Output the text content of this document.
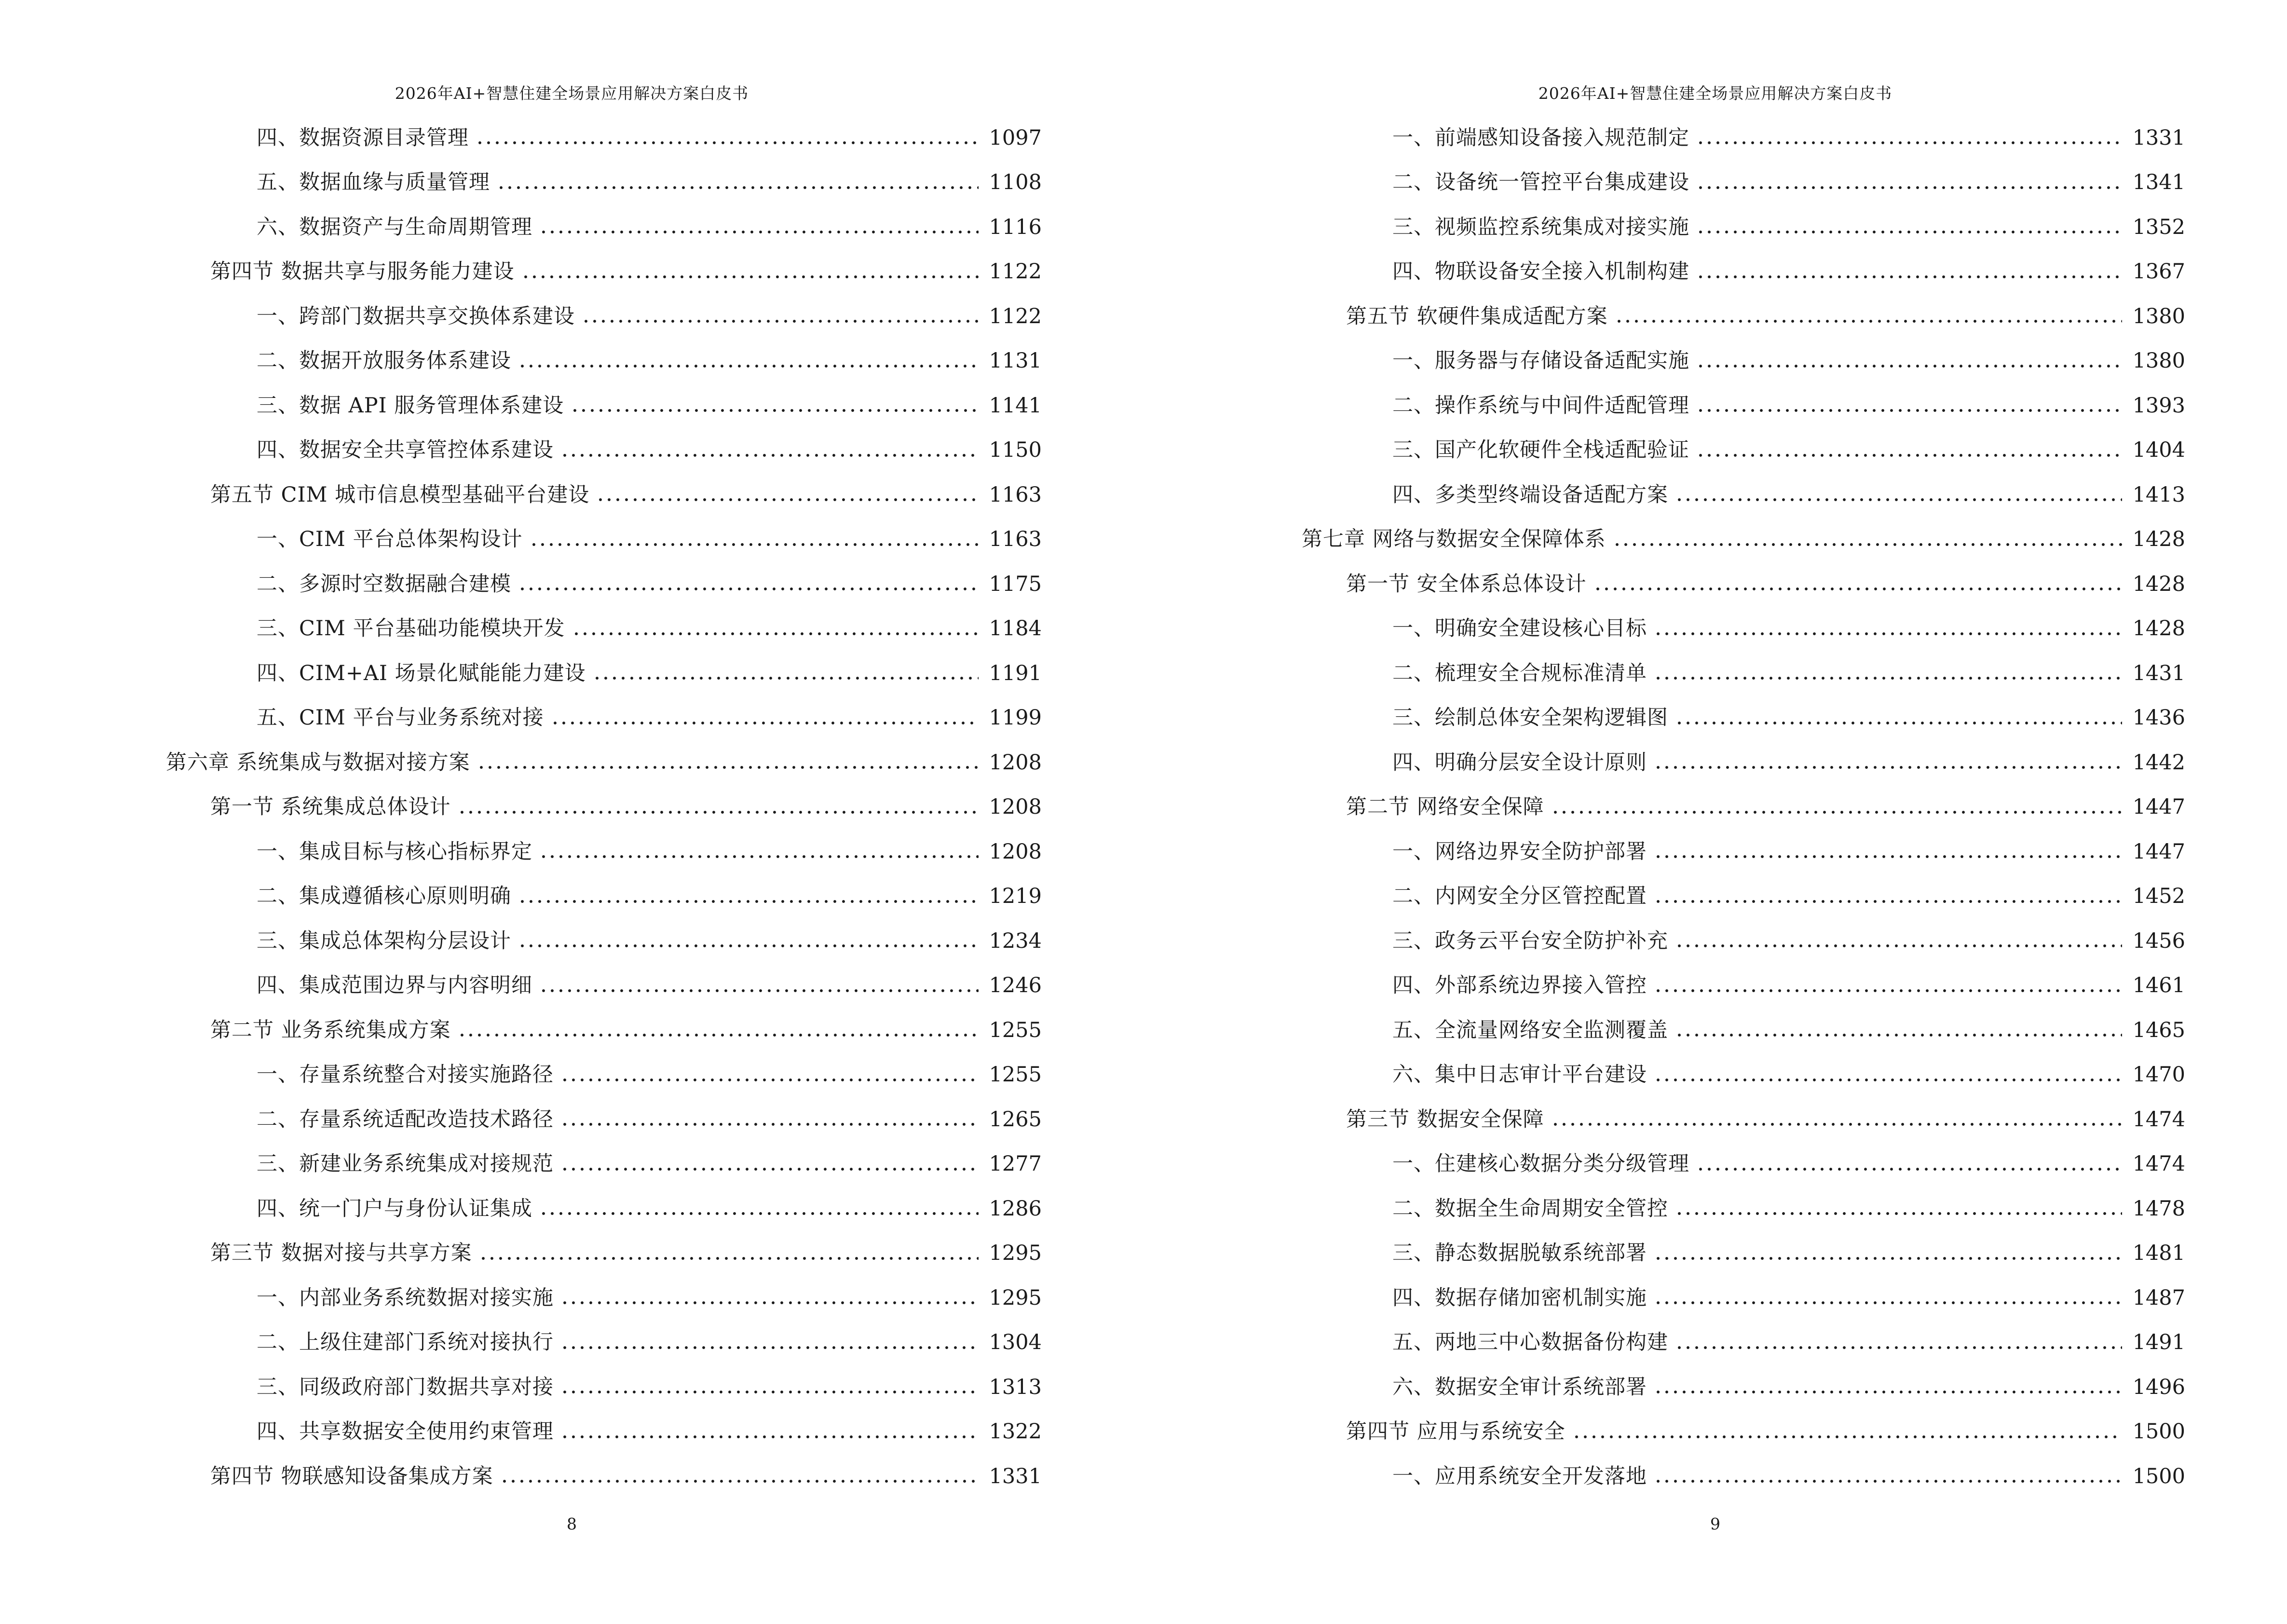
2026年AI+智慧住建全场景应用解决方案白皮书
四、数据资源目录管理	1097
五、数据血缘与质量管理	1108
六、数据资产与生命周期管理	1116
第四节 数据共享与服务能力建设	1122
一、跨部门数据共享交换体系建设	1122
二、数据开放服务体系建设	1131
三、数据 API 服务管理体系建设	1141
四、数据安全共享管控体系建设	1150
第五节 CIM 城市信息模型基础平台建设	1163
一、CIM 平台总体架构设计	1163
二、多源时空数据融合建模	1175
三、CIM 平台基础功能模块开发	1184
四、CIM+AI 场景化赋能能力建设	1191
五、CIM 平台与业务系统对接	1199
第六章 系统集成与数据对接方案	1208
第一节 系统集成总体设计	1208
一、集成目标与核心指标界定	1208
二、集成遵循核心原则明确	1219
三、集成总体架构分层设计	1234
四、集成范围边界与内容明细	1246
第二节 业务系统集成方案	1255
一、存量系统整合对接实施路径	1255
二、存量系统适配改造技术路径	1265
三、新建业务系统集成对接规范	1277
四、统一门户与身份认证集成	1286
第三节 数据对接与共享方案	1295
一、内部业务系统数据对接实施	1295
二、上级住建部门系统对接执行	1304
三、同级政府部门数据共享对接	1313
四、共享数据安全使用约束管理	1322
第四节 物联感知设备集成方案	1331
8
2026年AI+智慧住建全场景应用解决方案白皮书
一、前端感知设备接入规范制定	1331
二、设备统一管控平台集成建设	1341
三、视频监控系统集成对接实施	1352
四、物联设备安全接入机制构建	1367
第五节 软硬件集成适配方案	1380
一、服务器与存储设备适配实施	1380
二、操作系统与中间件适配管理	1393
三、国产化软硬件全栈适配验证	1404
四、多类型终端设备适配方案	1413
第七章 网络与数据安全保障体系	1428
第一节 安全体系总体设计	1428
一、明确安全建设核心目标	1428
二、梳理安全合规标准清单	1431
三、绘制总体安全架构逻辑图	1436
四、明确分层安全设计原则	1442
第二节 网络安全保障	1447
一、网络边界安全防护部署	1447
二、内网安全分区管控配置	1452
三、政务云平台安全防护补充	1456
四、外部系统边界接入管控	1461
五、全流量网络安全监测覆盖	1465
六、集中日志审计平台建设	1470
第三节 数据安全保障	1474
一、住建核心数据分类分级管理	1474
二、数据全生命周期安全管控	1478
三、静态数据脱敏系统部署	1481
四、数据存储加密机制实施	1487
五、两地三中心数据备份构建	1491
六、数据安全审计系统部署	1496
第四节 应用与系统安全	1500
一、应用系统安全开发落地	1500
9
